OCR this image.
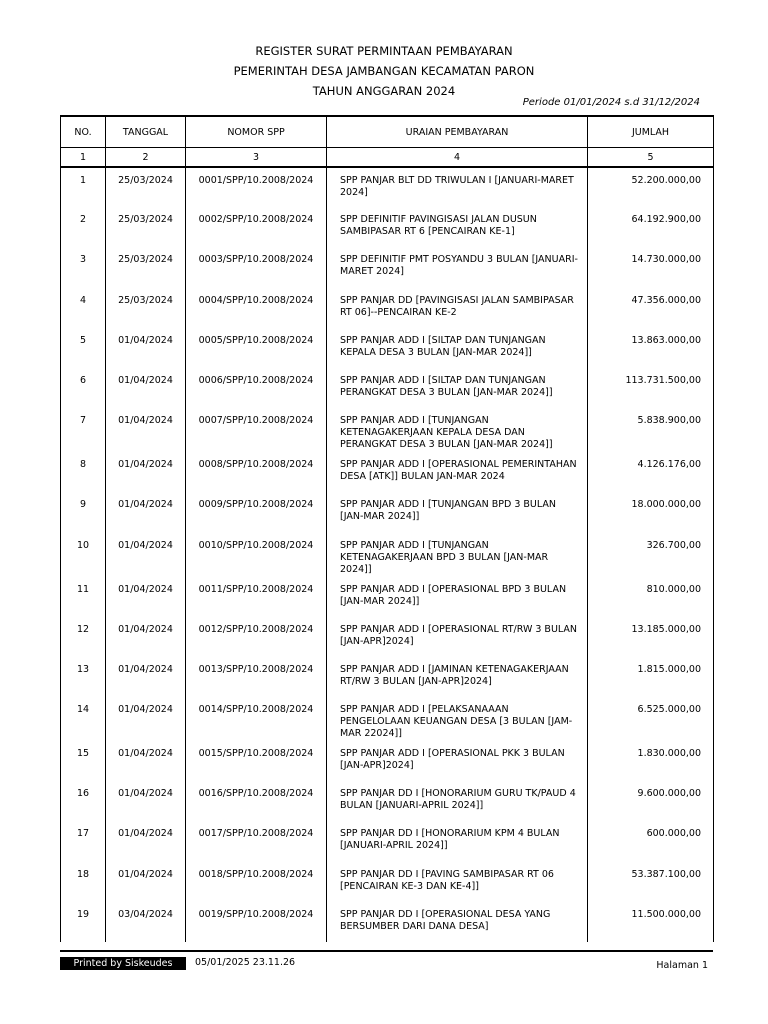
REGISTER SURAT PERMINTAAN PEMBAYARAN
PEMERINTAH DESA JAMBANGAN KECAMATAN PARON
TAHUN ANGGARAN 2024
Periode 01/01/2024 s.d 31/12/2024
NO.	TANGGAL	NOMOR SPP	URAIAN PEMBAYARAN	JUMLAH
1	2	3	4	5
1	25/03/2024	0001/SPP/10.2008/2024	SPP PANJAR BLT DD TRIWULAN I [JANUARI-MARET 2024]	52.200.000,00
2	25/03/2024	0002/SPP/10.2008/2024	SPP DEFINITIF PAVINGISASI JALAN DUSUN SAMBIPASAR RT 6 [PENCAIRAN KE-1]	64.192.900,00
3	25/03/2024	0003/SPP/10.2008/2024	SPP DEFINITIF PMT POSYANDU 3 BULAN [JANUARI-MARET 2024]	14.730.000,00
4	25/03/2024	0004/SPP/10.2008/2024	SPP PANJAR DD [PAVINGISASI JALAN SAMBIPASAR RT 06]--PENCAIRAN KE-2	47.356.000,00
5	01/04/2024	0005/SPP/10.2008/2024	SPP PANJAR ADD I [SILTAP DAN TUNJANGAN KEPALA DESA 3 BULAN [JAN-MAR 2024]]	13.863.000,00
6	01/04/2024	0006/SPP/10.2008/2024	SPP PANJAR ADD I [SILTAP DAN TUNJANGAN PERANGKAT DESA 3 BULAN [JAN-MAR 2024]]	113.731.500,00
7	01/04/2024	0007/SPP/10.2008/2024	SPP PANJAR ADD I [TUNJANGAN KETENAGAKERJAAN KEPALA DESA DAN PERANGKAT DESA 3 BULAN [JAN-MAR 2024]]	5.838.900,00
8	01/04/2024	0008/SPP/10.2008/2024	SPP PANJAR ADD I [OPERASIONAL PEMERINTAHAN DESA [ATK]] BULAN JAN-MAR 2024	4.126.176,00
9	01/04/2024	0009/SPP/10.2008/2024	SPP PANJAR ADD I [TUNJANGAN BPD 3 BULAN [JAN-MAR 2024]]	18.000.000,00
10	01/04/2024	0010/SPP/10.2008/2024	SPP PANJAR ADD I [TUNJANGAN KETENAGAKERJAAN BPD 3 BULAN [JAN-MAR 2024]]	326.700,00
11	01/04/2024	0011/SPP/10.2008/2024	SPP PANJAR ADD I [OPERASIONAL BPD 3 BULAN [JAN-MAR 2024]]	810.000,00
12	01/04/2024	0012/SPP/10.2008/2024	SPP PANJAR ADD I [OPERASIONAL RT/RW 3 BULAN [JAN-APR]2024]	13.185.000,00
13	01/04/2024	0013/SPP/10.2008/2024	SPP PANJAR ADD I [JAMINAN KETENAGAKERJAAN RT/RW 3 BULAN [JAN-APR]2024]	1.815.000,00
14	01/04/2024	0014/SPP/10.2008/2024	SPP PANJAR ADD I [PELAKSANAAAN PENGELOLAAN KEUANGAN DESA [3 BULAN [JAM-MAR 22024]]	6.525.000,00
15	01/04/2024	0015/SPP/10.2008/2024	SPP PANJAR ADD I [OPERASIONAL PKK 3 BULAN [JAN-APR]2024]	1.830.000,00
16	01/04/2024	0016/SPP/10.2008/2024	SPP PANJAR DD I [HONORARIUM GURU TK/PAUD 4 BULAN [JANUARI-APRIL 2024]]	9.600.000,00
17	01/04/2024	0017/SPP/10.2008/2024	SPP PANJAR DD I [HONORARIUM KPM 4 BULAN [JANUARI-APRIL 2024]]	600.000,00
18	01/04/2024	0018/SPP/10.2008/2024	SPP PANJAR DD I [PAVING SAMBIPASAR RT 06 [PENCAIRAN KE-3 DAN KE-4]]	53.387.100,00
19	03/04/2024	0019/SPP/10.2008/2024	SPP PANJAR DD I [OPERASIONAL DESA YANG BERSUMBER DARI DANA DESA]	11.500.000,00
Printed by Siskeudes	05/01/2025 23.11.26	Halaman 1
